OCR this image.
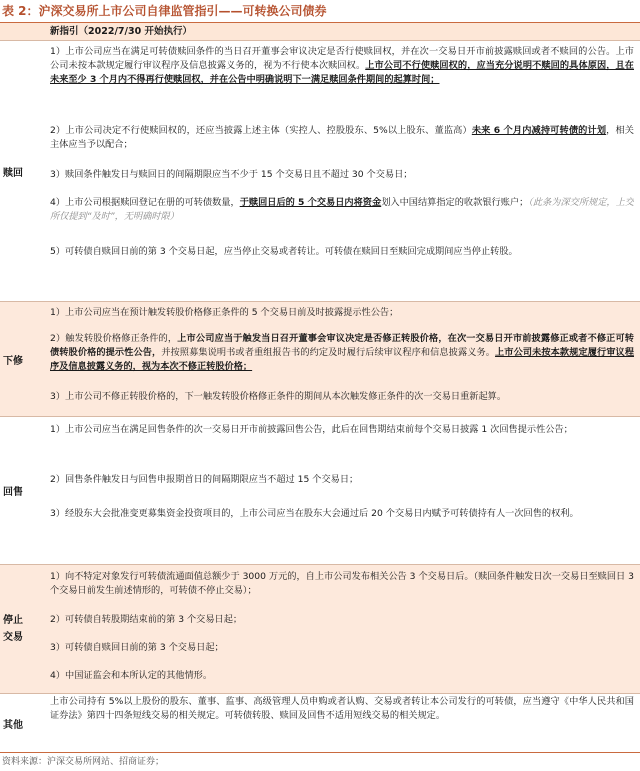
表 2：沪深交易所上市公司自律监管指引——可转换公司债券
新指引（2022/7/30 开始执行）
赎回
1）上市公司应当在满足可转债赎回条件的当日召开董事会审议决定是否行使赎回权，并在次一交易日开市前披露赎回或者不赎回的公告。上市公司未按本款规定履行审议程序及信息披露义务的，视为不行使本次赎回权。上市公司不行使赎回权的，应当充分说明不赎回的具体原因，且在未来至少 3 个月内不得再行使赎回权，并在公告中明确说明下一满足赎回条件期间的起算时间；
2）上市公司决定不行使赎回权的，还应当披露上述主体（实控人、控股股东、5%以上股东、董监高）未来 6 个月内减持可转债的计划，相关主体应当予以配合；
3）赎回条件触发日与赎回日的间隔期限应当不少于 15 个交易日且不超过 30 个交易日；
4）上市公司根据赎回登记在册的可转债数量，于赎回日后的 5 个交易日内将资金划入中国结算指定的收款银行账户；（此条为深交所规定，上交所仅提到“及时”，无明确时限）
5）可转债自赎回日前的第 3 个交易日起，应当停止交易或者转让。可转债在赎回日至赎回完成期间应当停止转股。
下修
1）上市公司应当在预计触发转股价格修正条件的 5 个交易日前及时披露提示性公告；
2）触发转股价格修正条件的，上市公司应当于触发当日召开董事会审议决定是否修正转股价格，在次一交易日开市前披露修正或者不修正可转债转股价格的提示性公告，并按照募集说明书或者重组报告书的约定及时履行后续审议程序和信息披露义务。上市公司未按本款规定履行审议程序及信息披露义务的，视为本次不修正转股价格；
3）上市公司不修正转股价格的，下一触发转股价格修正条件的期间从本次触发修正条件的次一交易日重新起算。
回售
1）上市公司应当在满足回售条件的次一交易日开市前披露回售公告，此后在回售期结束前每个交易日披露 1 次回售提示性公告；
2）回售条件触发日与回售申报期首日的间隔期限应当不超过 15 个交易日；
3）经股东大会批准变更募集资金投资项目的，上市公司应当在股东大会通过后 20 个交易日内赋予可转债持有人一次回售的权利。
停止
交易
1）向不特定对象发行可转债流通面值总额少于 3000 万元的，自上市公司发布相关公告 3 个交易日后。（赎回条件触发日次一交易日至赎回日 3 个交易日前发生前述情形的，可转债不停止交易）；
2）可转债自转股期结束前的第 3 个交易日起；
3）可转债自赎回日前的第 3 个交易日起；
4）中国证监会和本所认定的其他情形。
其他
上市公司持有 5%以上股份的股东、董事、监事、高级管理人员申购或者认购、交易或者转让本公司发行的可转债，应当遵守《中华人民共和国证券法》第四十四条短线交易的相关规定。可转债转股、赎回及回售不适用短线交易的相关规定。
资料来源：沪深交易所网站、招商证券；
